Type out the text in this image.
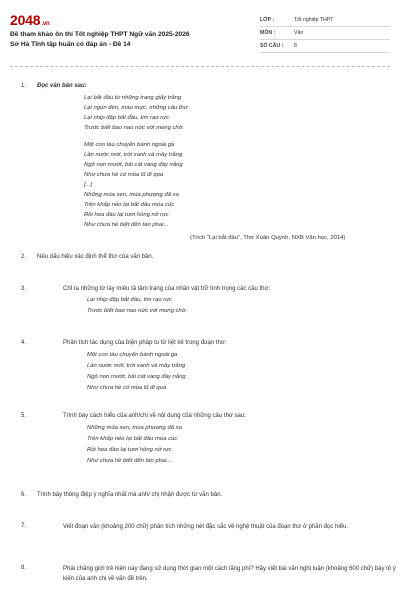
2048.vn
Đề tham khảo ôn thi Tốt nghiệp THPT Ngữ văn 2025-2026
Sở Hà Tĩnh tập huấn có đáp án - Đề 14
LỚP :	Tốt nghiệp THPT
MÔN :	Văn
SỐ CÂU : 8
1.	Đọc văn bản sau:
Lại bắt đầu từ những trang giấy trắng
Lại ngọn đèn, màu mực, những câu thơ
Lại nhịp đập bắt đầu, tim rạo rực
Trước biết bao nao nức với mong chờ.
Một con tàu chuyển bánh ngoài ga
Lần nước mới, trời xanh và mây trắng
Ngõ non mướt, bãi cát vàng đầy nắng
Như chưa hề có mùa lũ đi qua
[...]
Những mùa sen, mùa phượng đã xa
Trên khắp nẻo lại bắt đầu mùa cúc
Rồi hoa đào lại tươi hồng nở rực
Như chưa hề biết đến tàn phai...
(Trích "Lại bắt đầu", Thơ Xuân Quỳnh, NXB Văn học, 2014)
2.	Nêu dấu hiệu xác định thể thơ của văn bản.
3.	Chỉ ra những từ láy miêu tả tâm trạng của nhân vật trữ tình trong các câu thơ:
Lại nhịp đập bắt đầu, tim rạo rực
Trước biết bao nao nức với mong chờ.
4.	Phân tích tác dụng của biện pháp tu từ liệt kê trong đoạn thơ:
Một con tàu chuyển bánh ngoài ga
Lần nước mới, trời xanh và mây trắng
Ngõ non mướt, bãi cát vàng đầy nắng
Như chưa hề có mùa lũ đi qua
5.	Trình bày cách hiểu của anh/chị về nội dung của những câu thơ sau:
Những mùa sen, mùa phượng đã xa
Trên khắp nẻo lại bắt đầu mùa cúc
Rồi hoa đào lại tươi hồng nở rực
Như chưa hề biết đến tàn phai...
6.	Trình bày thông điệp ý nghĩa nhất mà anh/ chị nhận được từ văn bản.
7.	Viết đoạn văn (khoảng 200 chữ) phân tích những nét đặc sắc về nghệ thuật của đoạn thơ ở phần đọc hiểu.
8.	Phải chăng giới trẻ hiện nay đang sử dụng thời gian một cách lãng phí? Hãy viết bài văn nghị luận (khoảng 600 chữ) bày tỏ ý kiến của anh chị về vấn đề trên.
